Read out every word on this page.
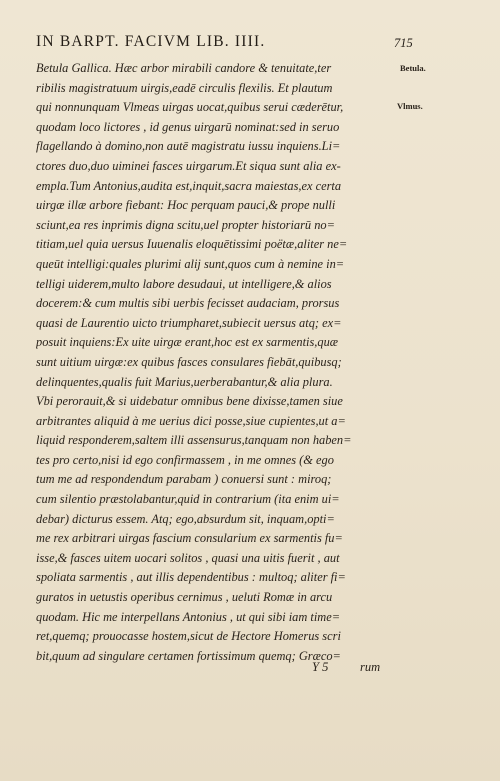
IN BARPT. FACIVM LIB. IIII.	715
Betula.
Vlmus.
Betula Gallica. Hæc arbor mirabili candore & tenuitate,ter
ribilis magistratuum uirgis,eadē circulis flexilis. Et plautum
qui nonnunquam Vlmeas uirgas uocat,quibus serui cæderētur,
quodam loco lictores , id genus uirgarū nominat:sed in seruo
flagellando à domino,non autē magistratu iussu inquiens.Li=
ctores duo,duo uiminei fasces uirgarum.Et siqua sunt alia ex-
empla.Tum Antonius,audita est,inquit,sacra maiestas,ex certa
uirgæ illæ arbore fiebant: Hoc perquam pauci,& prope nulli
sciunt,ea res inprimis digna scitu,uel propter historiarū no=
titiam,uel quia uersus Iuuenalis eloquētissimi poëtæ,aliter ne=
queūt intelligi:quales plurimi alij sunt,quos cum à nemine in=
telligi uiderem,multo labore desudaui, ut intelligere,& alios
docerem:& cum multis sibi uerbis fecisset audaciam, prorsus
quasi de Laurentio uicto triumpharet,subiecit uersus atq; ex=
posuit inquiens:Ex uite uirgæ erant,hoc est ex sarmentis,quæ
sunt uitium uirgæ:ex quibus fasces consulares fiebāt,quibusq;
delinquentes,qualis fuit Marius,uerberabantur,& alia plura.
Vbi perorauit,& si uidebatur omnibus bene dixisse,tamen siue
arbitrantes aliquid à me uerius dici posse,siue cupientes,ut a=
liquid responderem,saltem illi assensurus,tanquam non haben=
tes pro certo,nisi id ego confirmassem , in me omnes (& ego
tum me ad respondendum parabam ) conuersi sunt : miroq;
cum silentio præstolabantur,quid in contrarium (ita enim ui=
debar) dicturus essem. Atq; ego,absurdum sit, inquam,opti=
me rex arbitrari uirgas fascium consularium ex sarmentis fu=
isse,& fasces uitem uocari solitos , quasi una uitis fuerit , aut
spoliata sarmentis , aut illis dependentibus : multoq; aliter fi=
guratos in uetustis operibus cernimus , ueluti Romæ in arcu
quodam. Hic me interpellans Antonius , ut qui sibi iam time=
ret,quemq; prouocasse hostem,sicut de Hectore Homerus scri
bit,quum ad singulare certamen fortissimum quemq; Græco=
Y 5	rum
